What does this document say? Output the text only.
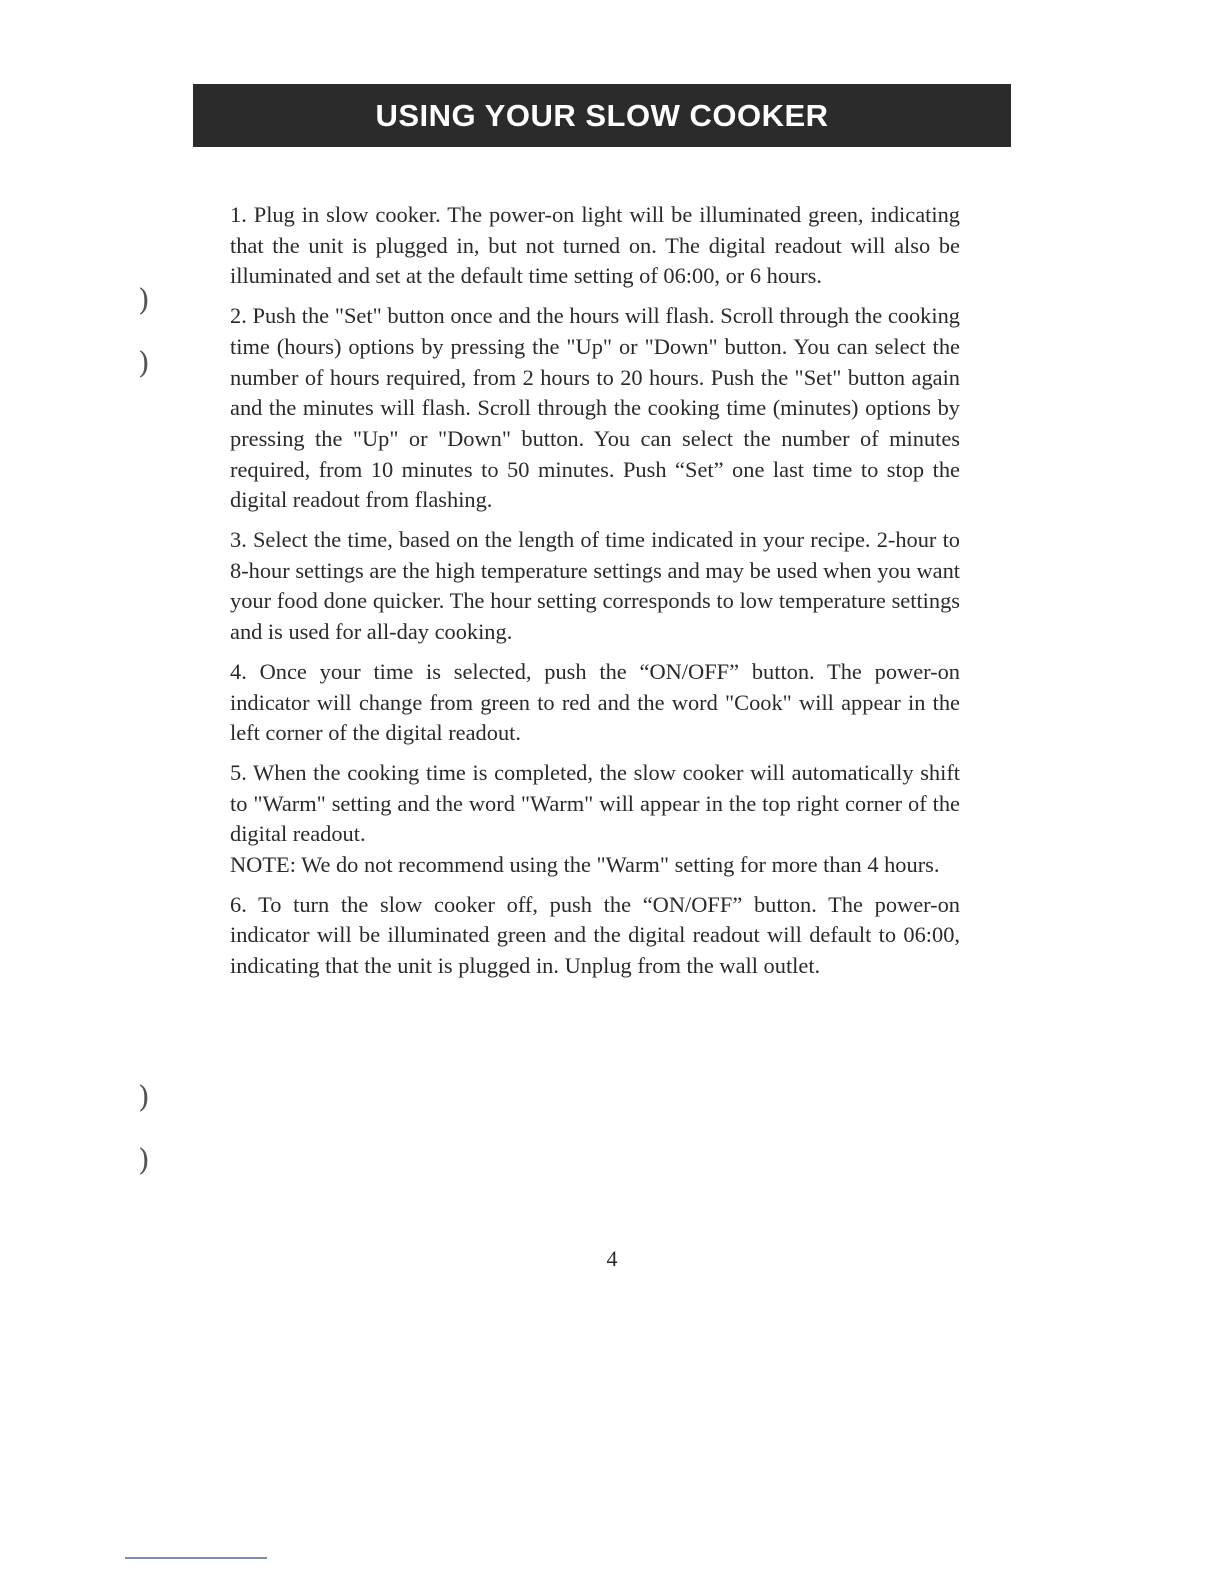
USING YOUR SLOW COOKER

1. Plug in slow cooker. The power-on light will be illuminated green, indicating that the unit is plugged in, but not turned on. The digital readout will also be illuminated and set at the default time setting of 06:00, or 6 hours.

2. Push the "Set" button once and the hours will flash. Scroll through the cooking time (hours) options by pressing the "Up" or "Down" button. You can select the number of hours required, from 2 hours to 20 hours. Push the "Set" button again and the minutes will flash. Scroll through the cooking time (minutes) options by pressing the "Up" or "Down" button. You can select the number of minutes required, from 10 minutes to 50 minutes. Push “Set” one last time to stop the digital readout from flashing.

3. Select the time, based on the length of time indicated in your recipe. 2-hour to 8-hour settings are the high temperature settings and may be used when you want your food done quicker. The hour setting corresponds to low temperature settings and is used for all-day cooking.

4. Once your time is selected, push the “ON/OFF” button. The power-on indicator will change from green to red and the word "Cook" will appear in the left corner of the digital readout.

5. When the cooking time is completed, the slow cooker will automatically shift to "Warm" setting and the word "Warm" will appear in the top right corner of the digital readout.

NOTE: We do not recommend using the "Warm" setting for more than 4 hours.

6. To turn the slow cooker off, push the “ON/OFF” button. The power-on indicator will be illuminated green and the digital readout will default to 06:00, indicating that the unit is plugged in. Unplug from the wall outlet.

4
)
)
)
)
